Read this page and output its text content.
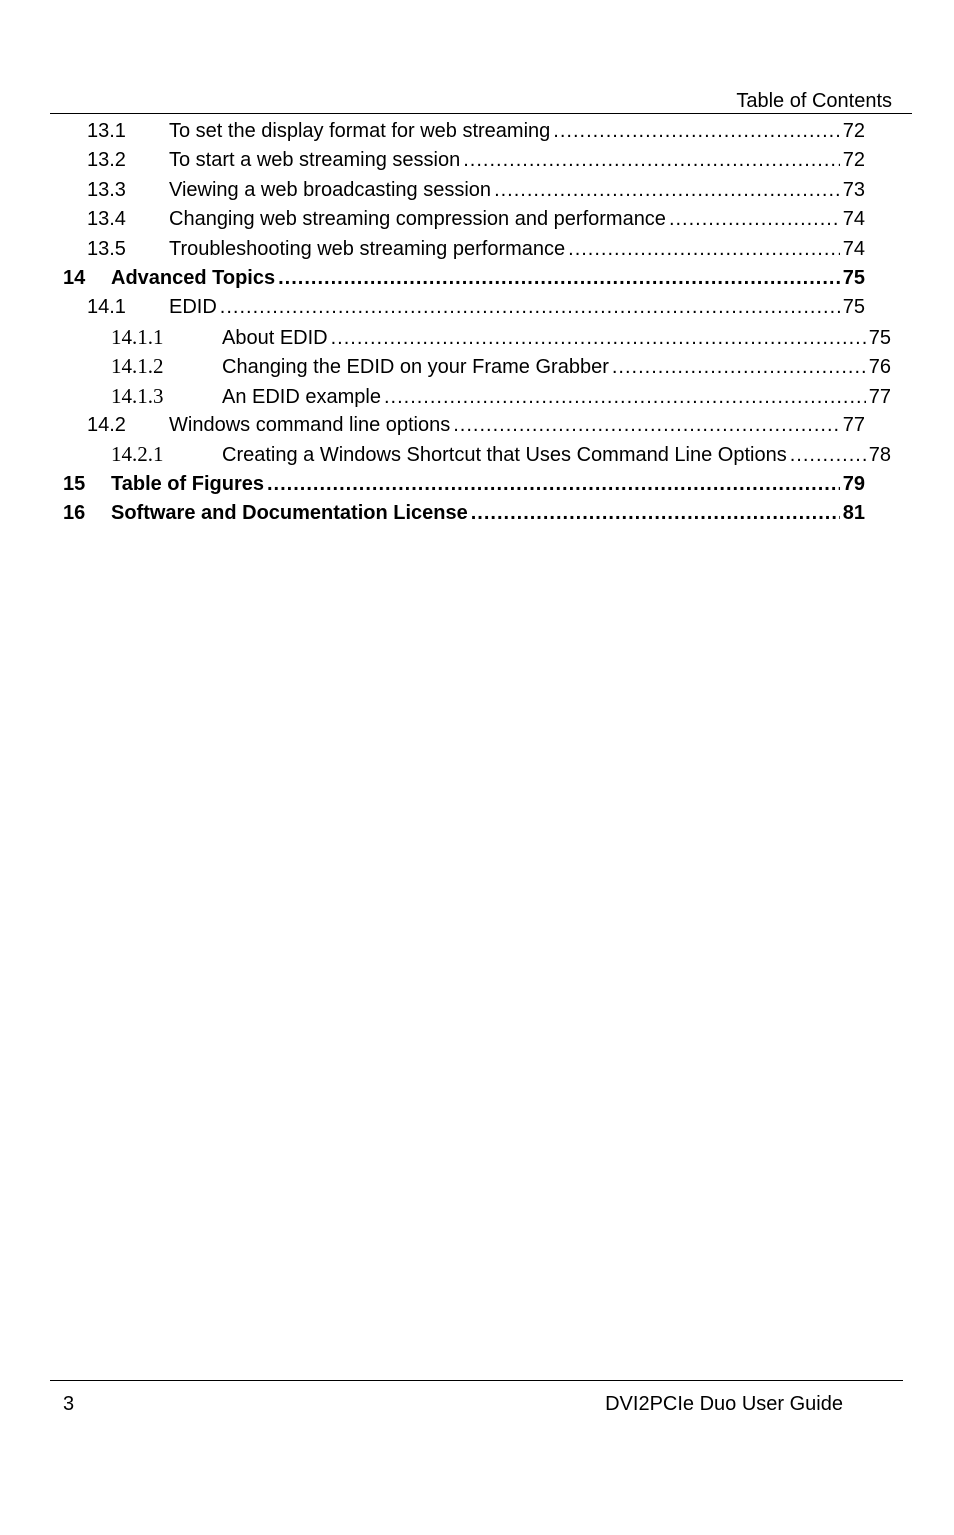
Table of Contents
13.1	To set the display format for web streaming .....	72
13.2	To start a web streaming session .....	72
13.3	Viewing a web broadcasting session .....	73
13.4	Changing web streaming compression and performance .....	74
13.5	Troubleshooting web streaming performance .....	74
14	Advanced Topics .....	75
14.1	EDID .....	75
14.1.1	About EDID .....	75
14.1.2	Changing the EDID on your Frame Grabber .....	76
14.1.3	An EDID example .....	77
14.2	Windows command line options .....	77
14.2.1	Creating a Windows Shortcut that Uses Command Line Options .....	78
15	Table of Figures .....	79
16	Software and Documentation License .....	81
3	DVI2PCIe Duo User Guide
